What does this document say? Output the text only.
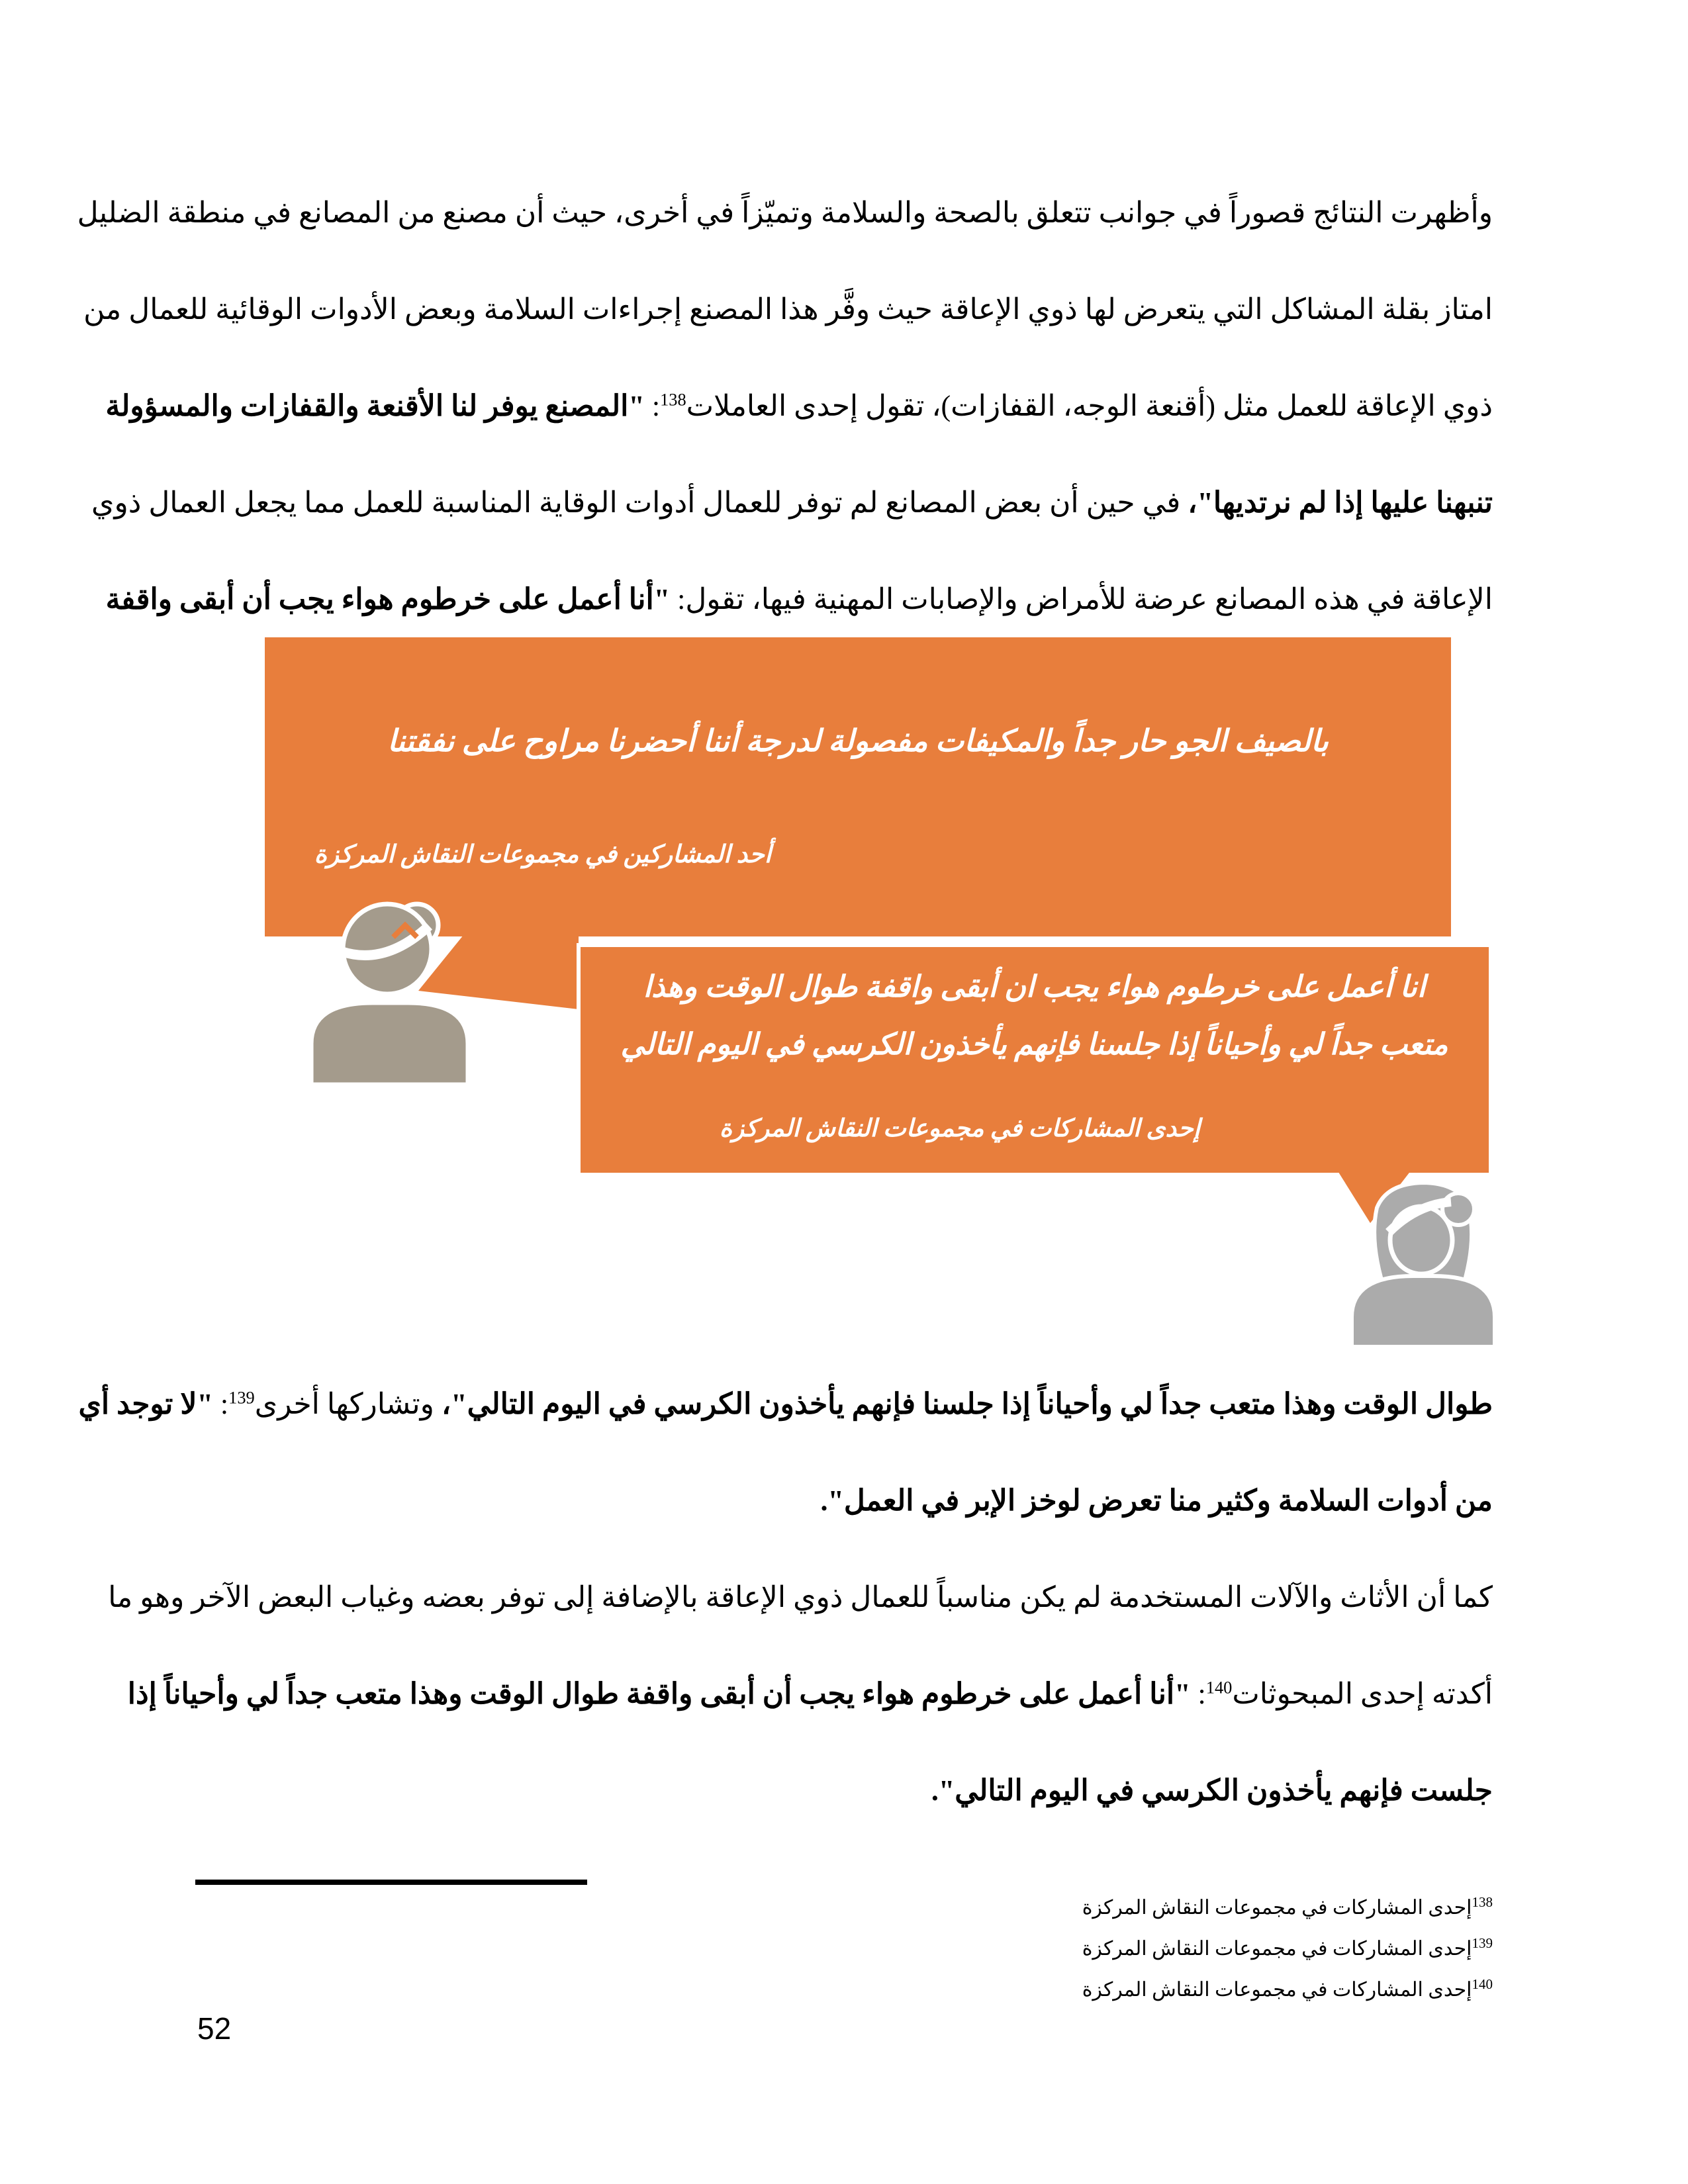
وأظهرت النتائج قصوراً في جوانب تتعلق بالصحة والسلامة وتميّزاً في أخرى، حيث أن مصنع من المصانع في منطقة الضليل
امتاز بقلة المشاكل التي يتعرض لها ذوي الإعاقة حيث وفَّر هذا المصنع إجراءات السلامة وبعض الأدوات الوقائية للعمال من
ذوي الإعاقة للعمل مثل (أقنعة الوجه، القفازات)، تقول إحدى العاملات$^{138}$: "المصنع يوفر لنا الأقنعة والقفازات والمسؤولة
تنبهنا عليها إذا لم نرتديها"، في حين أن بعض المصانع لم توفر للعمال أدوات الوقاية المناسبة للعمل مما يجعل العمال ذوي
الإعاقة في هذه المصانع عرضة للأمراض والإصابات المهنية فيها، تقول: "أنا أعمل على خرطوم هواء يجب أن أبقى واقفة
بالصيف الجو حار جداً والمكيفات مفصولة لدرجة أننا أحضرنا مراوح على نفقتنا
أحد المشاركين في مجموعات النقاش المركزة
انا أعمل على خرطوم هواء يجب ان أبقى واقفة طوال الوقت وهذا
متعب جداً لي وأحياناً إذا جلسنا فإنهم يأخذون الكرسي في اليوم التالي
إحدى المشاركات في مجموعات النقاش المركزة
طوال الوقت وهذا متعب جداً لي وأحياناً إذا جلسنا فإنهم يأخذون الكرسي في اليوم التالي"، وتشاركها أخرى$^{139}$: "لا توجد أي
من أدوات السلامة وكثير منا تعرض لوخز الإبر في العمل".
كما أن الأثاث والآلات المستخدمة لم يكن مناسباً للعمال ذوي الإعاقة بالإضافة إلى توفر بعضه وغياب البعض الآخر وهو ما
أكدته إحدى المبحوثات$^{140}$: "أنا أعمل على خرطوم هواء يجب أن أبقى واقفة طوال الوقت وهذا متعب جداً لي وأحياناً إذا
جلست فإنهم يأخذون الكرسي في اليوم التالي".
$^{138}$إحدى المشاركات في مجموعات النقاش المركزة
$^{139}$إحدى المشاركات في مجموعات النقاش المركزة
$^{140}$إحدى المشاركات في مجموعات النقاش المركزة
52
